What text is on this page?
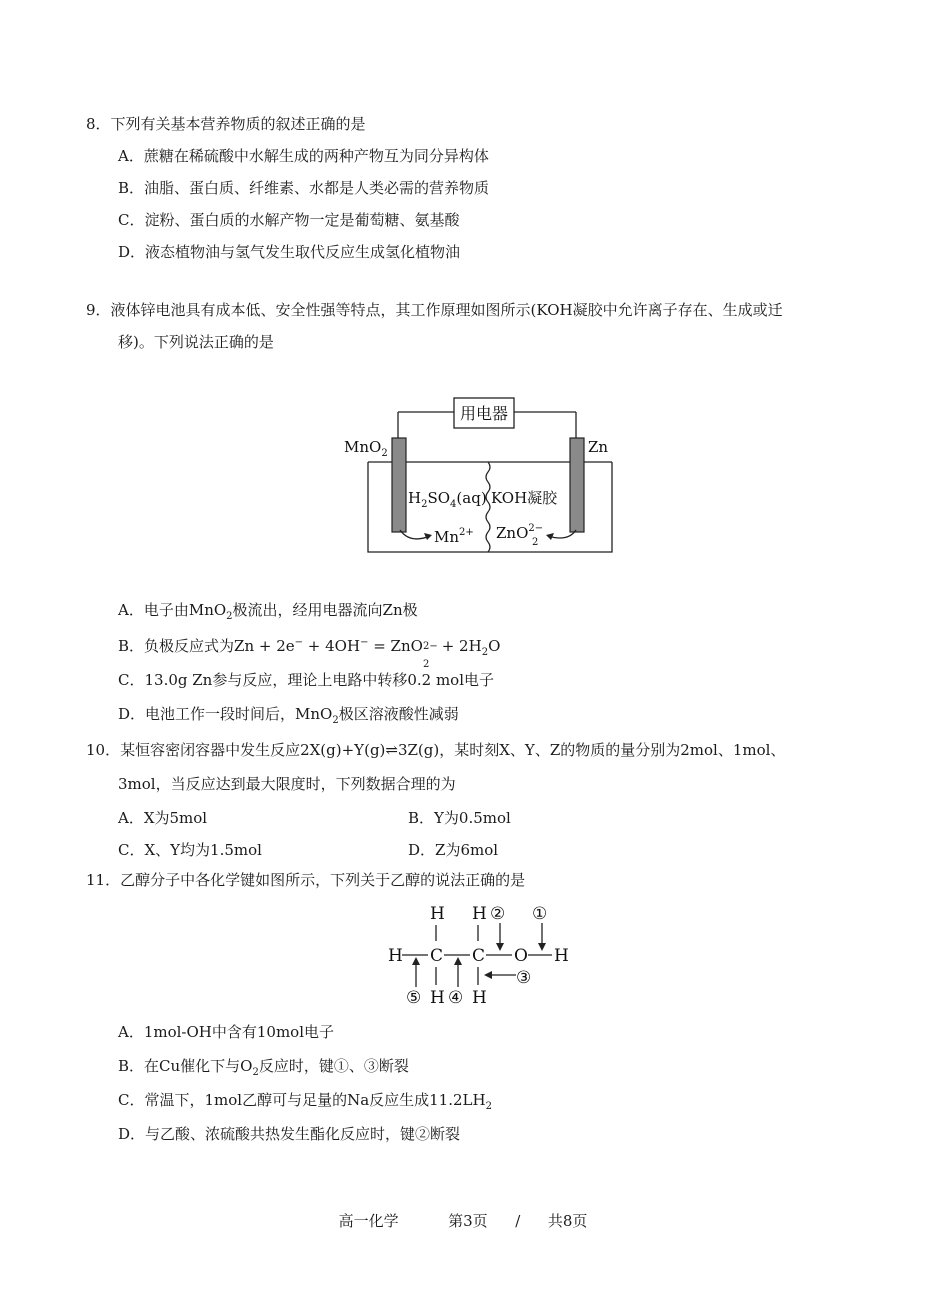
8．下列有关基本营养物质的叙述正确的是
A．蔗糖在稀硫酸中水解生成的两种产物互为同分异构体
B．油脂、蛋白质、纤维素、水都是人类必需的营养物质
C．淀粉、蛋白质的水解产物一定是葡萄糖、氨基酸
D．液态植物油与氢气发生取代反应生成氢化植物油
9．液体锌电池具有成本低、安全性强等特点，其工作原理如图所示(KOH凝胶中允许离子存在、生成或迁
移)。下列说法正确的是
用电器
MnO$_2$	Zn
$H_2SO_4(aq)$ KOH凝胶
$Mn^{2+}$ ZnO$^{2-}$
2
A．电子由MnO$_2$极流出，经用电器流向Zn极
B．负极反应式为Zn + 2e− + 4OH− = ZnO 2−
2
+ $2H_2O$
C．13.0g Zn参与反应，理论上电路中转移0.2 mol电子
D．电池工作一段时间后，MnO$_2$极区溶液酸性减弱
10．某恒容密闭容器中发生反应2X(g)+Y(g)⇌3Z(g)，某时刻X、Y、Z的物质的量分别为2mol、1mol、
3mol，当反应达到最大限度时，下列数据合理的为
A．X为5mol	B．Y为0.5mol
C．X、Y均为1.5mol	D．Z为6mol
11．乙醇分子中各化学键如图所示，下列关于乙醇的说法正确的是
H H
H C C O H
H H
② ①
③
⑤ ④
A．1mol-OH中含有10mol电子
B．在Cu催化下与$O_2$反应时，键①、③断裂
C．常温下，1mol乙醇可与足量的Na反应生成$11.2LH_2$
D．与乙酸、浓硫酸共热发生酯化反应时，键②断裂
高一化学	第3页 / 共8页
